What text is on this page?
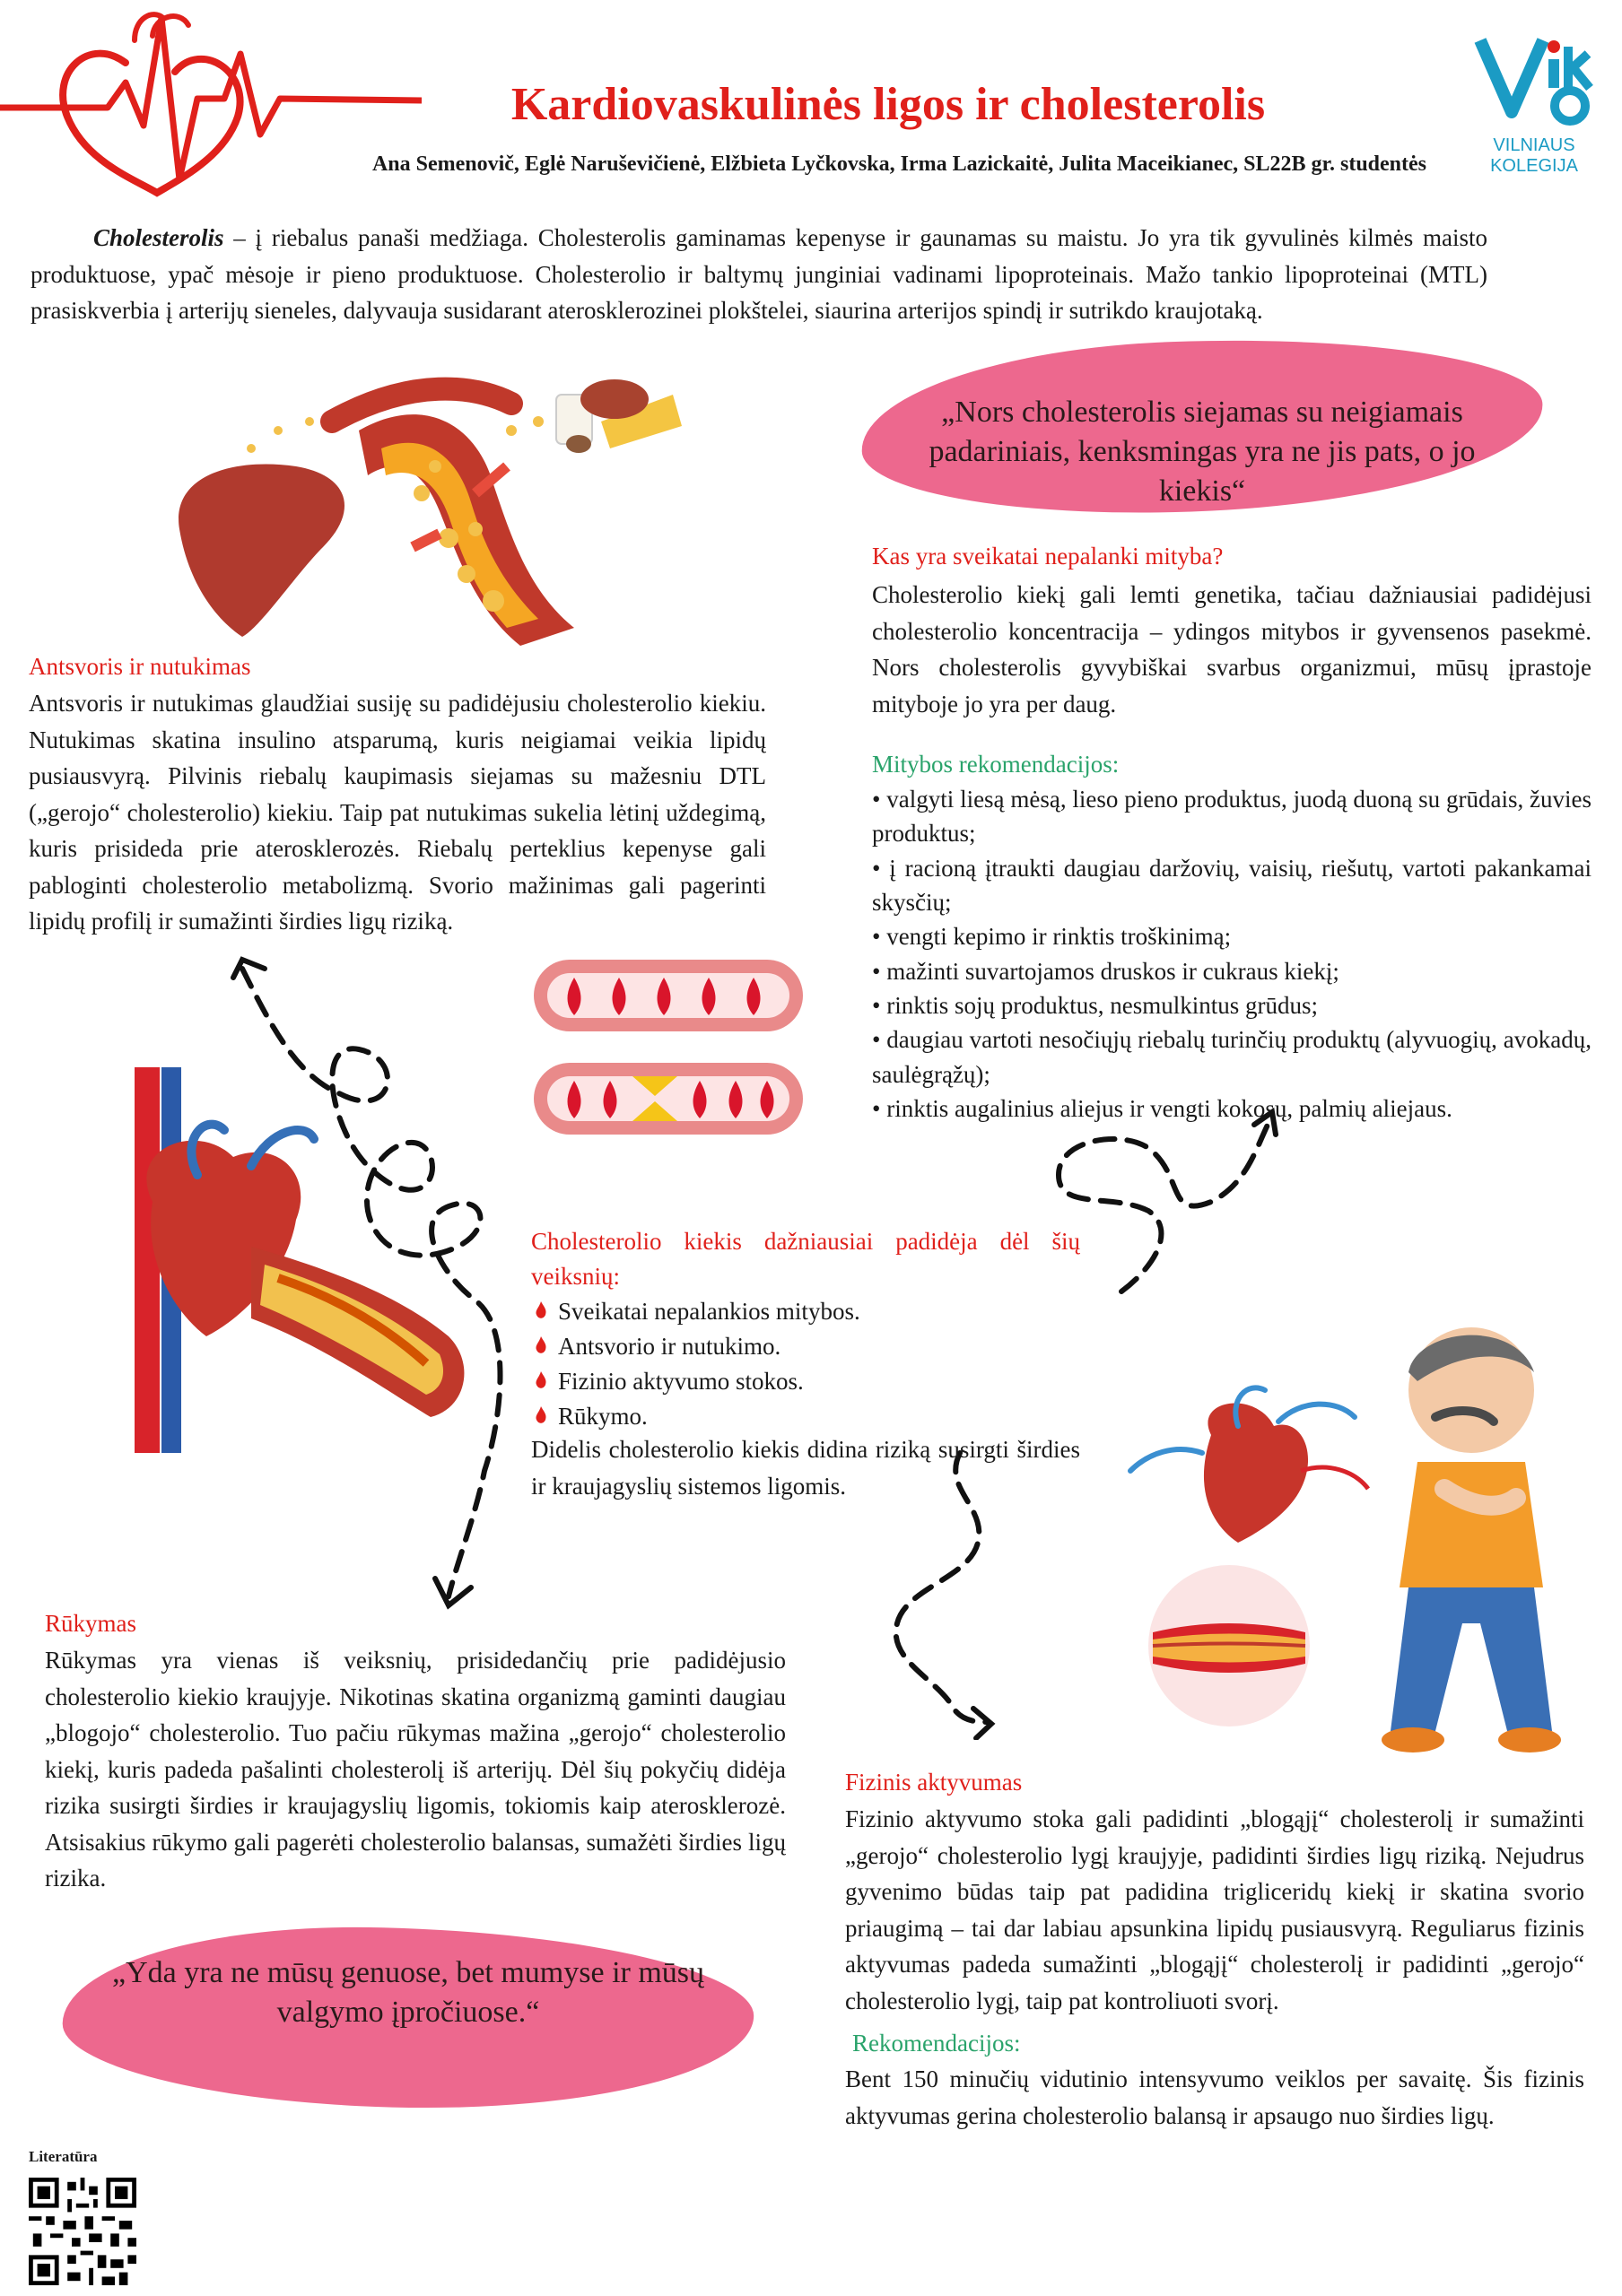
Kardiovaskulinės ligos ir cholesterolis
Ana Semenovič, Eglė Naruševičienė, Elžbieta Lyčkovska, Irma Lazickaitė, Julita Maceikianec, SL22B gr. studentės
VILNIAUS
KOLEGIJA
Cholesterolis – į riebalus panaši medžiaga. Cholesterolis gaminamas kepenyse ir gaunamas su maistu. Jo yra tik gyvulinės kilmės maisto produktuose, ypač mėsoje ir pieno produktuose. Cholesterolio ir baltymų junginiai vadinami lipoproteinais. Mažo tankio lipoproteinai (MTL) prasiskverbia į arterijų sieneles, dalyvauja susidarant aterosklerozinei plokštelei, siaurina arterijos spindį ir sutrikdo kraujotaką.
„Nors cholesterolis siejamas su neigiamais padariniais, kenksmingas yra ne jis pats, o jo kiekis“
Kas yra sveikatai nepalanki mityba?
Cholesterolio kiekį gali lemti genetika, tačiau dažniausiai padidėjusi cholesterolio koncentracija – ydingos mitybos ir gyvensenos pasekmė. Nors cholesterolis gyvybiškai svarbus organizmui, mūsų įprastoje mityboje jo yra per daug.
Antsvoris ir nutukimas
Antsvoris ir nutukimas glaudžiai susiję su padidėjusiu cholesterolio kiekiu. Nutukimas skatina insulino atsparumą, kuris neigiamai veikia lipidų pusiausvyrą. Pilvinis riebalų kaupimasis siejamas su mažesniu DTL („gerojo“ cholesterolio) kiekiu. Taip pat nutukimas sukelia lėtinį uždegimą, kuris prisideda prie aterosklerozės. Riebalų perteklius kepenyse gali pabloginti cholesterolio metabolizmą. Svorio mažinimas gali pagerinti lipidų profilį ir sumažinti širdies ligų riziką.
Mitybos rekomendacijos:
• valgyti liesą mėsą, lieso pieno produktus, juodą duoną su grūdais, žuvies produktus;
• į racioną įtraukti daugiau daržovių, vaisių, riešutų, vartoti pakankamai skysčių;
• vengti kepimo ir rinktis troškinimą;
• mažinti suvartojamos druskos ir cukraus kiekį;
• rinktis sojų produktus, nesmulkintus grūdus;
• daugiau vartoti nesočiųjų riebalų turinčių produktų (alyvuogių, avokadų, saulėgrąžų);
• rinktis augalinius aliejus ir vengti kokosų, palmių aliejaus.
Cholesterolio kiekis dažniausiai padidėja dėl šių veiksnių:
Sveikatai nepalankios mitybos.
Antsvorio ir nutukimo.
Fizinio aktyvumo stokos.
Rūkymo.
Didelis cholesterolio kiekis didina riziką susirgti širdies ir kraujagyslių sistemos ligomis.
Rūkymas
Rūkymas yra vienas iš veiksnių, prisidedančių prie padidėjusio cholesterolio kiekio kraujyje. Nikotinas skatina organizmą gaminti daugiau „blogojo“ cholesterolio. Tuo pačiu rūkymas mažina „gerojo“ cholesterolio kiekį, kuris padeda pašalinti cholesterolį iš arterijų. Dėl šių pokyčių didėja rizika susirgti širdies ir kraujagyslių ligomis, tokiomis kaip aterosklerozė. Atsisakius rūkymo gali pagerėti cholesterolio balansas, sumažėti širdies ligų rizika.
„Yda yra ne mūsų genuose, bet mumyse ir mūsų valgymo įpročiuose.“
Fizinis aktyvumas
Fizinio aktyvumo stoka gali padidinti „blogąjį“ cholesterolį ir sumažinti „gerojo“ cholesterolio lygį kraujyje, padidinti širdies ligų riziką. Nejudrus gyvenimo būdas taip pat padidina trigliceridų kiekį ir skatina svorio priaugimą – tai dar labiau apsunkina lipidų pusiausvyrą. Reguliarus fizinis aktyvumas padeda sumažinti „blogąjį“ cholesterolį ir padidinti „gerojo“ cholesterolio lygį, taip pat kontroliuoti svorį.
Rekomendacijos:
Bent 150 minučių vidutinio intensyvumo veiklos per savaitę. Šis fizinis aktyvumas gerina cholesterolio balansą ir apsaugo nuo širdies ligų.
Literatūra
